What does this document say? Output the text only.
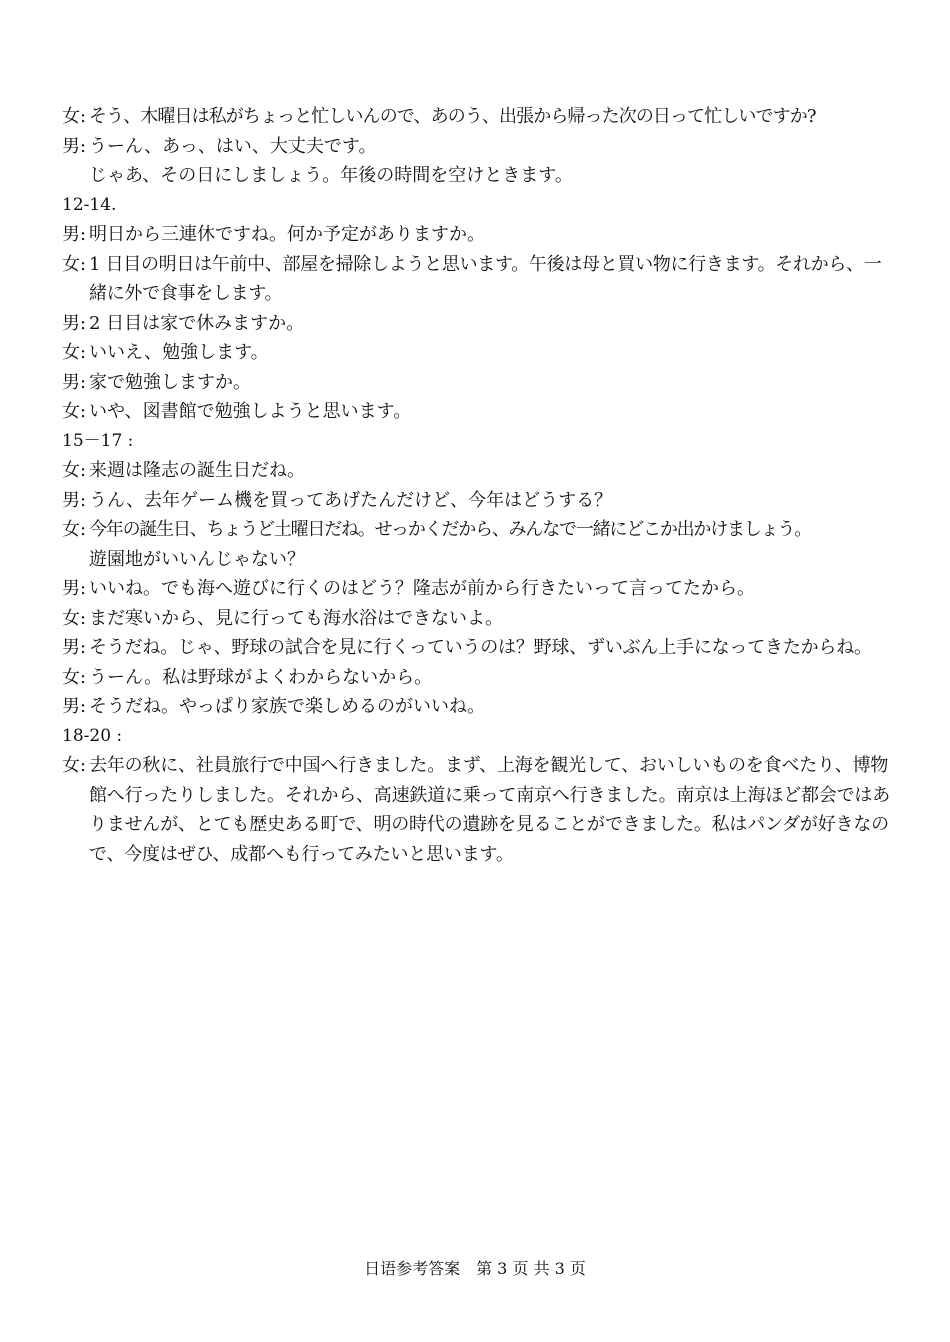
女: そう、木曜日は私がちょっと忙しいんので、あのう、出張から帰った次の日って忙しいですか?
男: うーん、あっ、はい、大丈夫です。
じゃあ、その日にしましょう。年後の時間を空けときます。
12-14.
男: 明日から三連休ですね。何か予定がありますか。
女: 1 日目の明日は午前中、部屋を掃除しようと思います。午後は母と買い物に行きます。それから、一緒に外で食事をします。
男: 2 日目は家で休みますか。
女: いいえ、勉強します。
男: 家で勉強しますか。
女: いや、図書館で勉強しようと思います。
15－17 :
女: 来週は隆志の誕生日だね。
男: うん、去年ゲーム機を買ってあげたんだけど、今年はどうする？
女: 今年の誕生日、ちょうど土曜日だね。せっかくだから、みんなで一緒にどこか出かけましょう。
遊園地がいいんじゃない？
男: いいね。でも海へ遊びに行くのはどう？隆志が前から行きたいって言ってたから。
女: まだ寒いから、見に行っても海水浴はできないよ。
男: そうだね。じゃ、野球の試合を見に行くっていうのは？野球、ずいぶん上手になってきたからね。
女: うーん。私は野球がよくわからないから。
男: そうだね。やっぱり家族で楽しめるのがいいね。
18-20 :
女: 去年の秋に、社員旅行で中国へ行きました。まず、上海を観光して、おいしいものを食べたり、博物館へ行ったりしました。それから、高速鉄道に乗って南京へ行きました。南京は上海ほど都会ではありませんが、とても歴史ある町で、明の時代の遺跡を見ることができました。私はパンダが好きなので、今度はぜひ、成都へも行ってみたいと思います。
日语参考答案　第 3 页 共 3 页
